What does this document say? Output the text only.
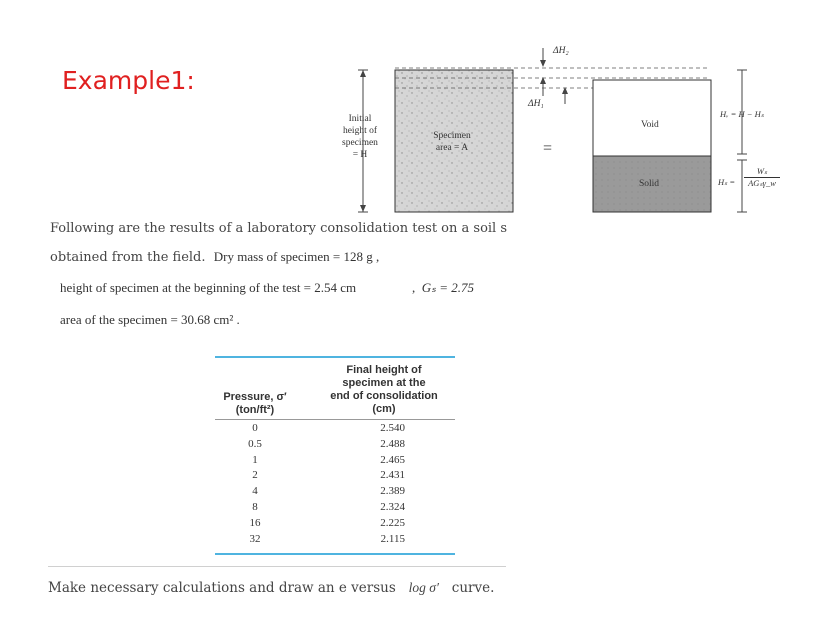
Example1:
Initial
height of
specimen
= H
Specimen
area = A
ΔH₂
ΔH₁
=
Void
Solid
Hᵥ = H − Hₛ
Hₛ =
Wₛ
AGₛγ_w
Following are the results of a laboratory consolidation test on a soil s
obtained from the field. Dry mass of specimen = 128 g ,
height of specimen at the beginning of the test = 2.54 cm	,  Gₛ = 2.75
area of the specimen = 30.68 cm² .
Pressure, σ′
(ton/ft²)
Final height of
specimen at the
end of consolidation
(cm)
0	2.540
0.5	2.488
1	2.465
2	2.431
4	2.389
8	2.324
16	2.225
32	2.115
Make necessary calculations and draw an e versus log σ′ curve.
